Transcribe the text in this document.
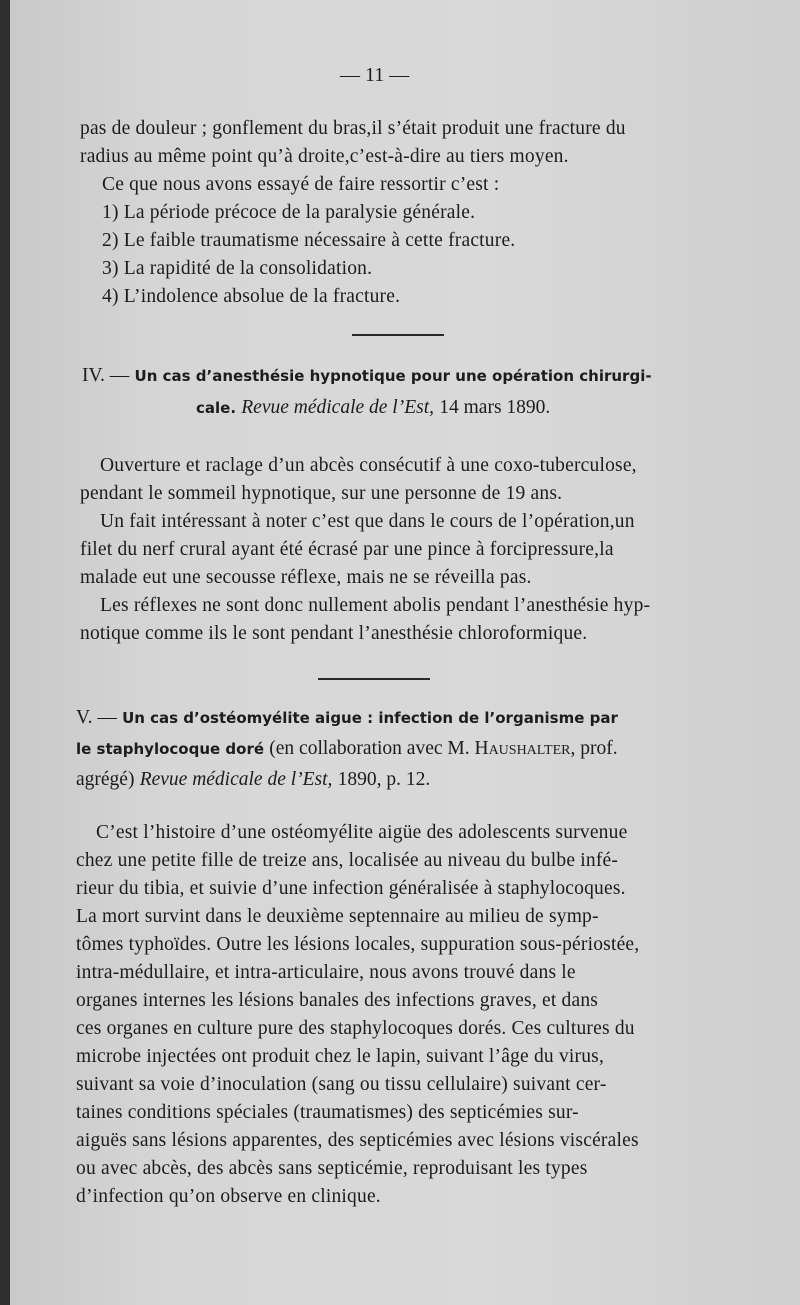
— 11 —
pas de douleur ; gonflement du bras,il s’était produit une fracture du
radius au même point qu’à droite,c’est-à-dire au tiers moyen.
Ce que nous avons essayé de faire ressortir c’est :
1) La période précoce de la paralysie générale.
2) Le faible traumatisme nécessaire à cette fracture.
3) La rapidité de la consolidation.
4) L’indolence absolue de la fracture.
IV. — Un cas d’anesthésie hypnotique pour une opération chirurgi-
cale. Revue médicale de l’Est, 14 mars 1890.
Ouverture et raclage d’un abcès consécutif à une coxo-tuberculose,
pendant le sommeil hypnotique, sur une personne de 19 ans.
Un fait intéressant à noter c’est que dans le cours de l’opération,un
filet du nerf crural ayant été écrasé par une pince à forcipressure,la
malade eut une secousse réflexe, mais ne se réveilla pas.
Les réflexes ne sont donc nullement abolis pendant l’anesthésie hyp-
notique comme ils le sont pendant l’anesthésie chloroformique.
V. — Un cas d’ostéomyélite aigue : infection de l’organisme par
le staphylocoque doré (en collaboration avec M. Haushalter, prof.
agrégé) Revue médicale de l’Est, 1890, p. 12.
C’est l’histoire d’une ostéomyélite aigüe des adolescents survenue
chez une petite fille de treize ans, localisée au niveau du bulbe infé-
rieur du tibia, et suivie d’une infection généralisée à staphylocoques.
La mort survint dans le deuxième septennaire au milieu de symp-
tômes typhoïdes. Outre les lésions locales, suppuration sous-périostée,
intra-médullaire, et intra-articulaire, nous avons trouvé dans le
organes internes les lésions banales des infections graves, et dans
ces organes en culture pure des staphylocoques dorés. Ces cultures du
microbe injectées ont produit chez le lapin, suivant l’âge du virus,
suivant sa voie d’inoculation (sang ou tissu cellulaire) suivant cer-
taines conditions spéciales (traumatismes) des septicémies sur-
aiguës sans lésions apparentes, des septicémies avec lésions viscérales
ou avec abcès, des abcès sans septicémie, reproduisant les types
d’infection qu’on observe en clinique.
